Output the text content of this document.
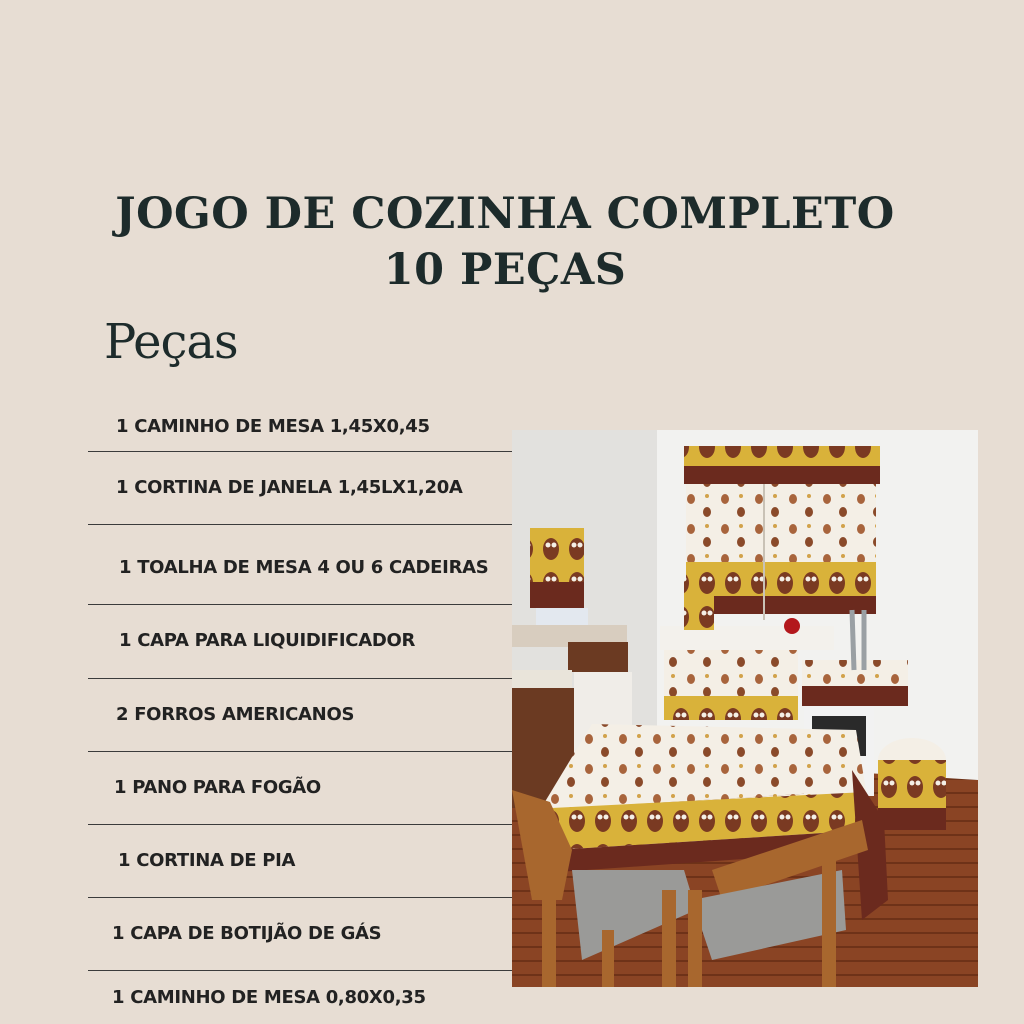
JOGO DE COZINHA COMPLETO
10 PEÇAS
Peças
1 CAMINHO DE MESA 1,45X0,45
1 CORTINA DE JANELA 1,45LX1,20A
1 TOALHA DE MESA 4 OU 6 CADEIRAS
1 CAPA PARA LIQUIDIFICADOR
2 FORROS AMERICANOS
1 PANO PARA FOGÃO
1 CORTINA DE PIA
1 CAPA DE BOTIJÃO DE GÁS
1 CAMINHO DE MESA 0,80X0,35
